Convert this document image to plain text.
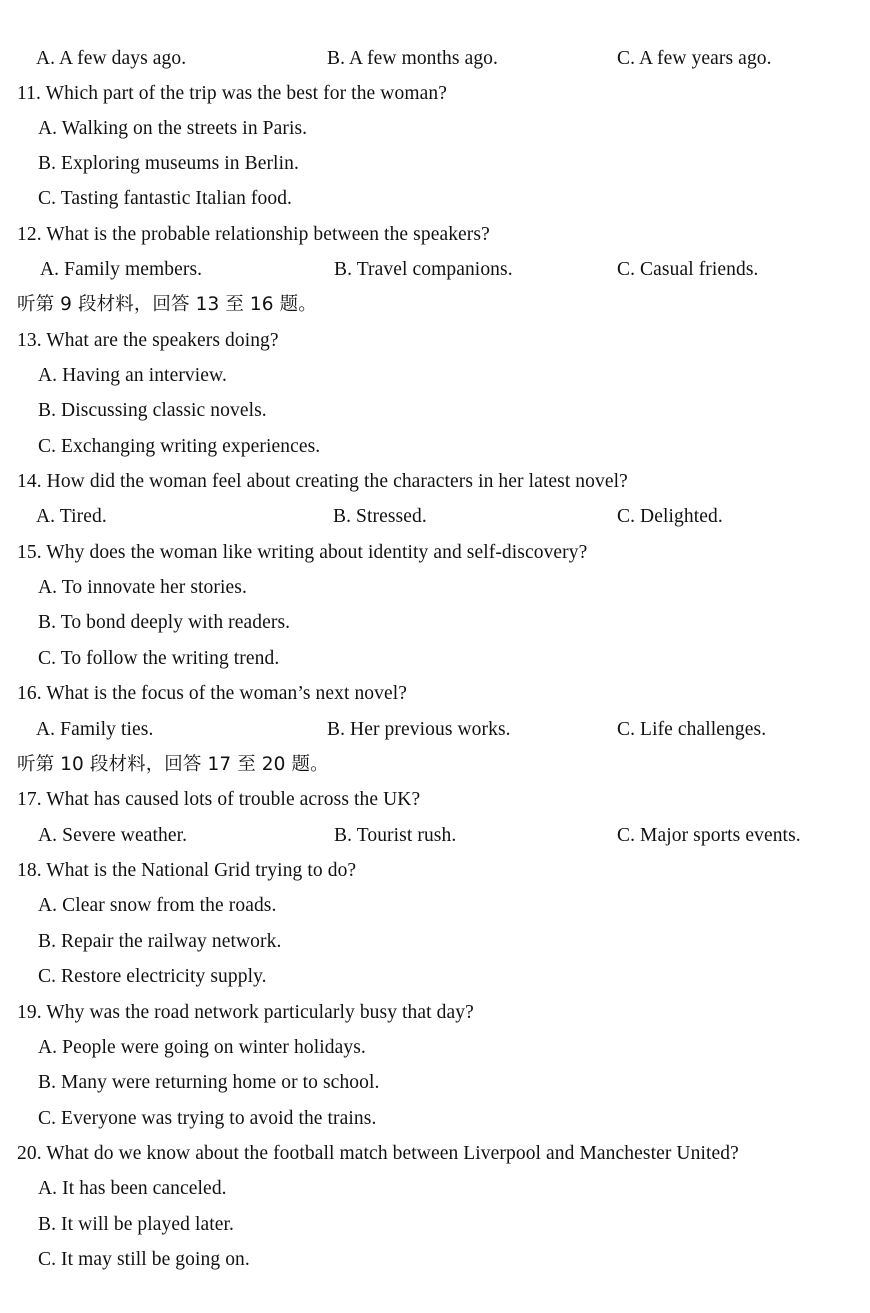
A. A few days ago.	B. A few months ago.	C. A few years ago.
11. Which part of the trip was the best for the woman?
A. Walking on the streets in Paris.
B. Exploring museums in Berlin.
C. Tasting fantastic Italian food.
12. What is the probable relationship between the speakers?
A. Family members.	B. Travel companions.	C. Casual friends.
听第 9 段材料，回答 13 至 16 题。
13. What are the speakers doing?
A. Having an interview.
B. Discussing classic novels.
C. Exchanging writing experiences.
14. How did the woman feel about creating the characters in her latest novel?
A. Tired.	B. Stressed.	C. Delighted.
15. Why does the woman like writing about identity and self-discovery?
A. To innovate her stories.
B. To bond deeply with readers.
C. To follow the writing trend.
16. What is the focus of the woman’s next novel?
A. Family ties.	B. Her previous works.	C. Life challenges.
听第 10 段材料，回答 17 至 20 题。
17. What has caused lots of trouble across the UK?
A. Severe weather.	B. Tourist rush.	C. Major sports events.
18. What is the National Grid trying to do?
A. Clear snow from the roads.
B. Repair the railway network.
C. Restore electricity supply.
19. Why was the road network particularly busy that day?
A. People were going on winter holidays.
B. Many were returning home or to school.
C. Everyone was trying to avoid the trains.
20. What do we know about the football match between Liverpool and Manchester United?
A. It has been canceled.
B. It will be played later.
C. It may still be going on.
